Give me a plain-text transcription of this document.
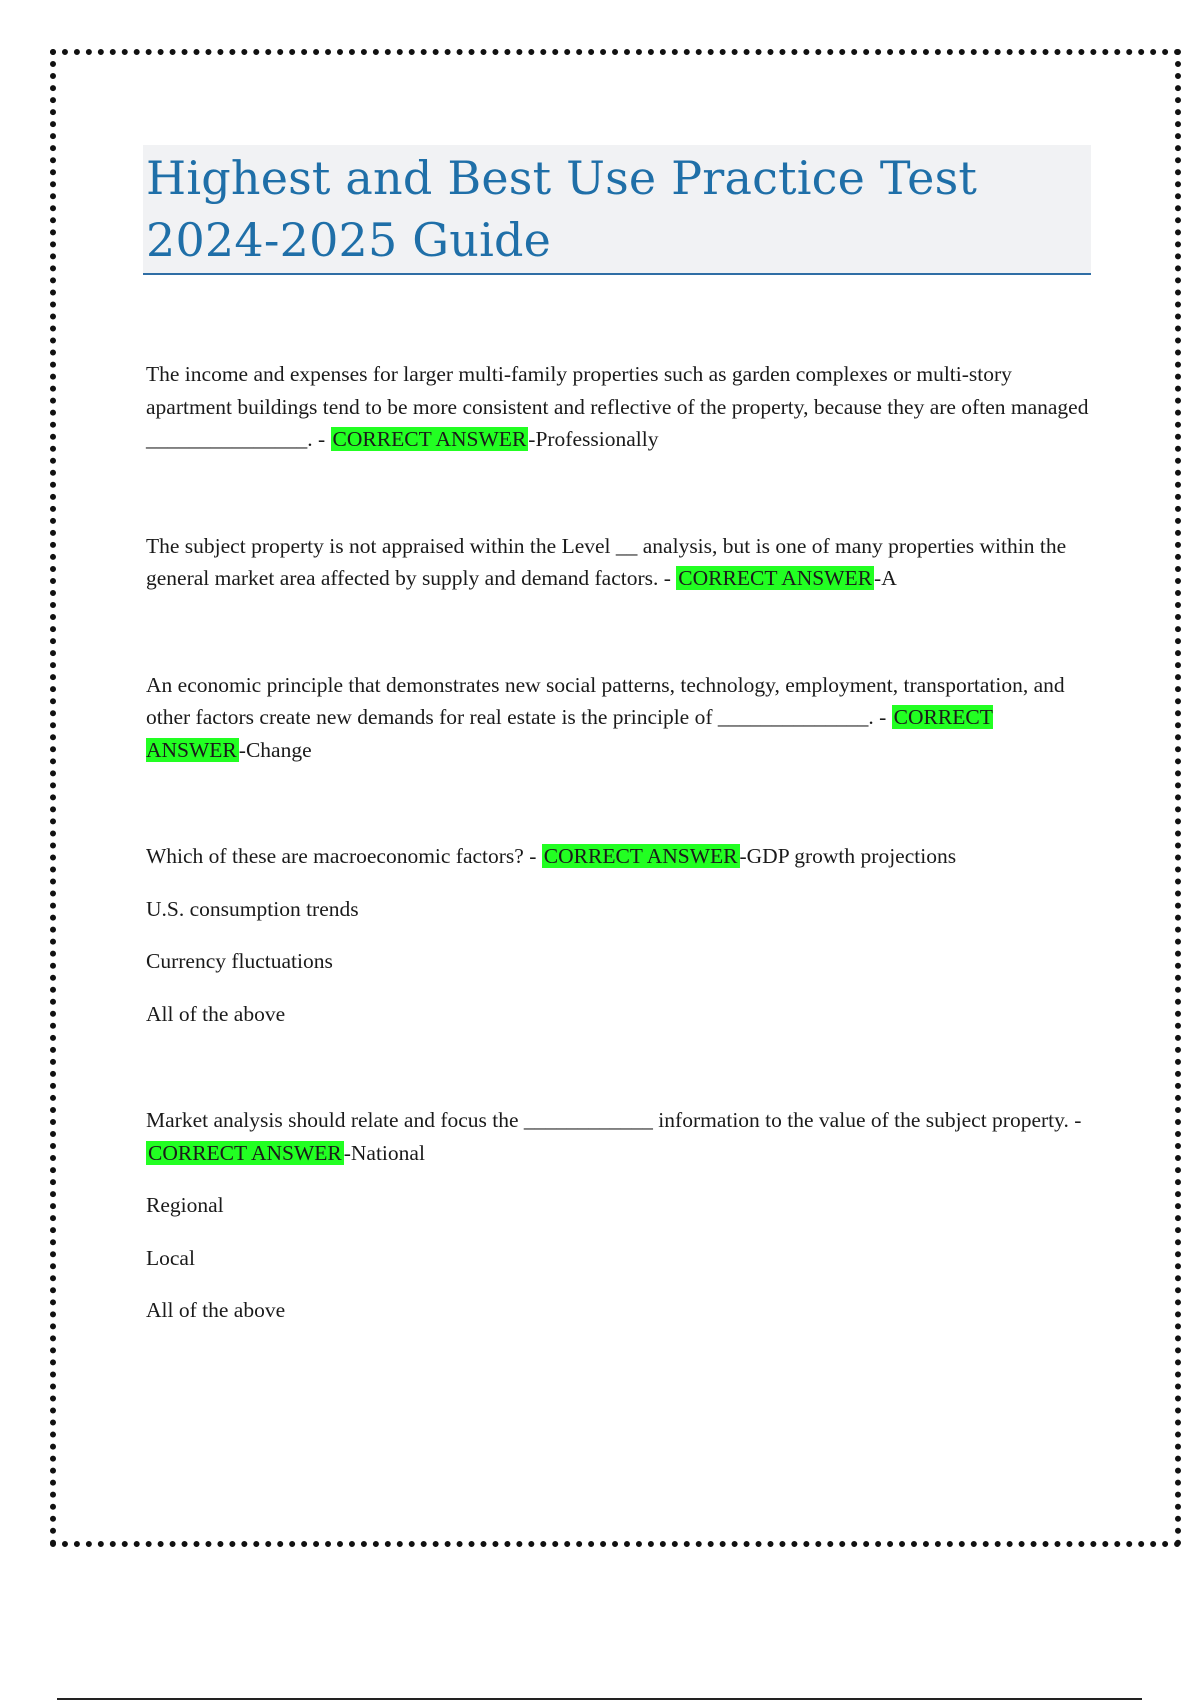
Highest and Best Use Practice Test 2024-2025 Guide

The income and expenses for larger multi-family properties such as garden complexes or multi-story apartment buildings tend to be more consistent and reflective of the property, because they are often managed _______________. - CORRECT ANSWER-Professionally

The subject property is not appraised within the Level __ analysis, but is one of many properties within the general market area affected by supply and demand factors. - CORRECT ANSWER-A

An economic principle that demonstrates new social patterns, technology, employment, transportation, and other factors create new demands for real estate is the principle of ______________. - CORRECT ANSWER-Change

Which of these are macroeconomic factors? - CORRECT ANSWER-GDP growth projections

U.S. consumption trends

Currency fluctuations

All of the above

Market analysis should relate and focus the ____________ information to the value of the subject property. - CORRECT ANSWER-National

Regional

Local

All of the above
